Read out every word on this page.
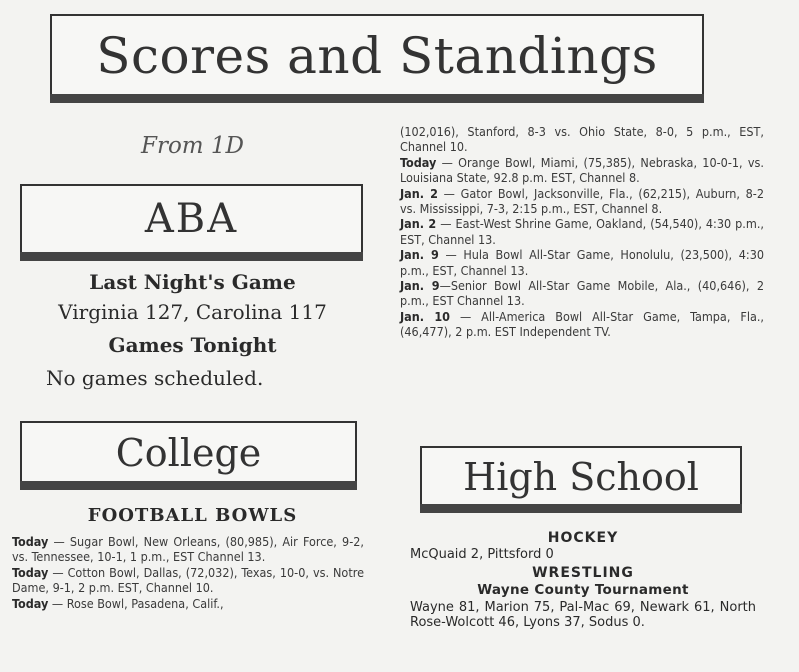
Scores and Standings
From 1D
ABA
Last Night's Game
Virginia 127, Carolina 117
Games Tonight
No games scheduled.
College
FOOTBALL BOWLS
Today — Sugar Bowl, New Orleans, (80,985), Air Force, 9-2, vs. Tennessee, 10-1, 1 p.m., EST Channel 13.
Today — Cotton Bowl, Dallas, (72,032), Texas, 10-0, vs. Notre Dame, 9-1, 2 p.m. EST, Channel 10.
Today — Rose Bowl, Pasadena, Calif.,
(102,016), Stanford, 8-3 vs. Ohio State, 8-0, 5 p.m., EST, Channel 10.
Today — Orange Bowl, Miami, (75,385), Nebraska, 10-0-1, vs. Louisiana State, 92.8 p.m. EST, Channel 8.
Jan. 2 — Gator Bowl, Jacksonville, Fla., (62,215), Auburn, 8-2 vs. Mississippi, 7-3, 2:15 p.m., EST, Channel 8.
Jan. 2 — East-West Shrine Game, Oakland, (54,540), 4:30 p.m., EST, Channel 13.
Jan. 9 — Hula Bowl All-Star Game, Honolulu, (23,500), 4:30 p.m., EST, Channel 13.
Jan. 9—Senior Bowl All-Star Game Mobile, Ala., (40,646), 2 p.m., EST Channel 13.
Jan. 10 — All-America Bowl All-Star Game, Tampa, Fla., (46,477), 2 p.m. EST Independent TV.
High School
HOCKEY
McQuaid 2, Pittsford 0
WRESTLING
Wayne County Tournament
Wayne 81, Marion 75, Pal-Mac 69, Newark 61, North Rose-Wolcott 46, Lyons 37, Sodus 0.
